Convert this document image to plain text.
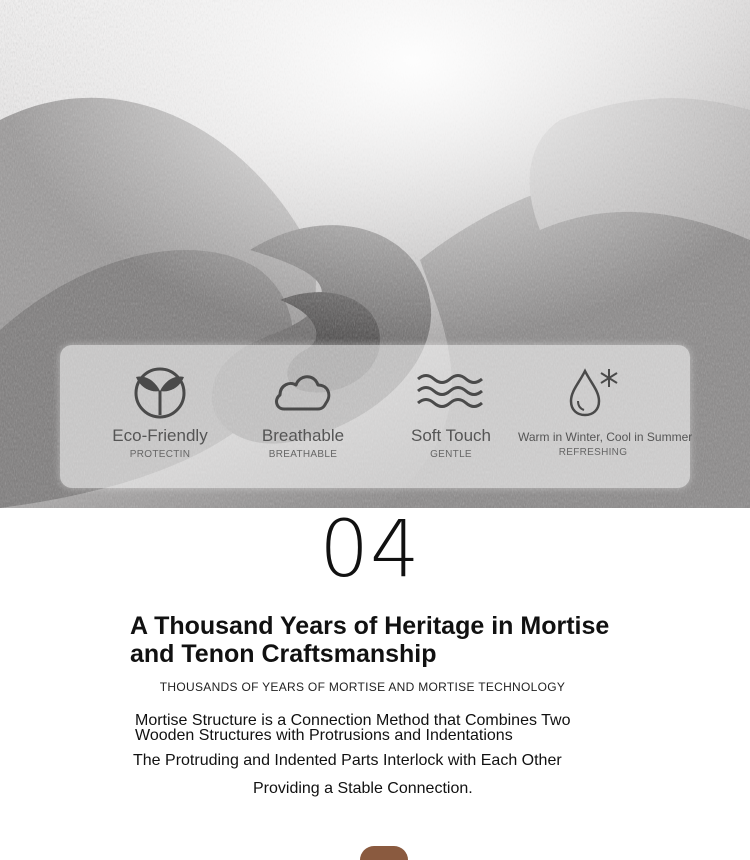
Eco-Friendly
PROTECTIN
Breathable
BREATHABLE
Soft Touch
GENTLE
Warm in Winter, Cool in Summer
REFRESHING
04
A Thousand Years of Heritage in Mortise and Tenon Craftsmanship
THOUSANDS OF YEARS OF MORTISE AND MORTISE TECHNOLOGY
Mortise Structure is a Connection Method that Combines Two Wooden Structures with Protrusions and Indentations
The Protruding and Indented Parts Interlock with Each Other
Providing a Stable Connection.
